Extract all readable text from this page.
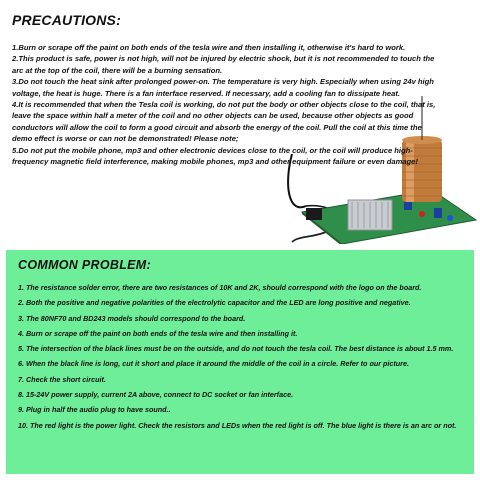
PRECAUTIONS:

1.Burn or scrape off the paint on both ends of the tesla wire and then installing it, otherwise it's hard to work.

2.This product is safe, power is not high, will not be injured by electric shock, but it is not recommended to touch the arc at the top of the coil, there will be a burning sensation.

3.Do not touch the heat sink after prolonged power-on. The temperature is very high. Especially when using 24v high voltage, the heat is huge. There is a fan interface reserved. If necessary, add a cooling fan to dissipate heat.

4.It is recommended that when the Tesla coil is working, do not put the body or other objects close to the coil, that is, leave the space within half a meter of the coil and no other objects can be used, because other objects as good conductors will allow the coil to form a good circuit and absorb the energy of the coil. Pull the coil at this time the demo effect is worse or can not be demonstrated! Please note;

5.Do not put the mobile phone, mp3 and other electronic devices close to the coil, or the coil will produce high-frequency magnetic field interference, making mobile phones, mp3 and other equipment failure or even damage!

COMMON PROBLEM:

1. The resistance solder error, there are two resistances of 10K and 2K, should correspond with the logo on the board.

2. Both the positive and negative polarities of the electrolytic capacitor and the LED are long positive and negative.

3. The 80NF70 and BD243 models should correspond to the board.

4. Burn or scrape off the paint on both ends of the tesla wire and then installing it.

5. The intersection of the black lines must be on the outside, and do not touch the tesla coil. The best distance is about 1.5 mm.

6. When the black line is long, cut it short and place it around the middle of the coil in a circle. Refer to our picture.

7. Check the short circuit.

8. 15-24V power supply, current 2A above, connect to DC socket or fan interface.

9. Plug in half the audio plug to have sound..

10. The red light is the power light. Check the resistors and LEDs when the red light is off. The blue light is there is an arc or not.
